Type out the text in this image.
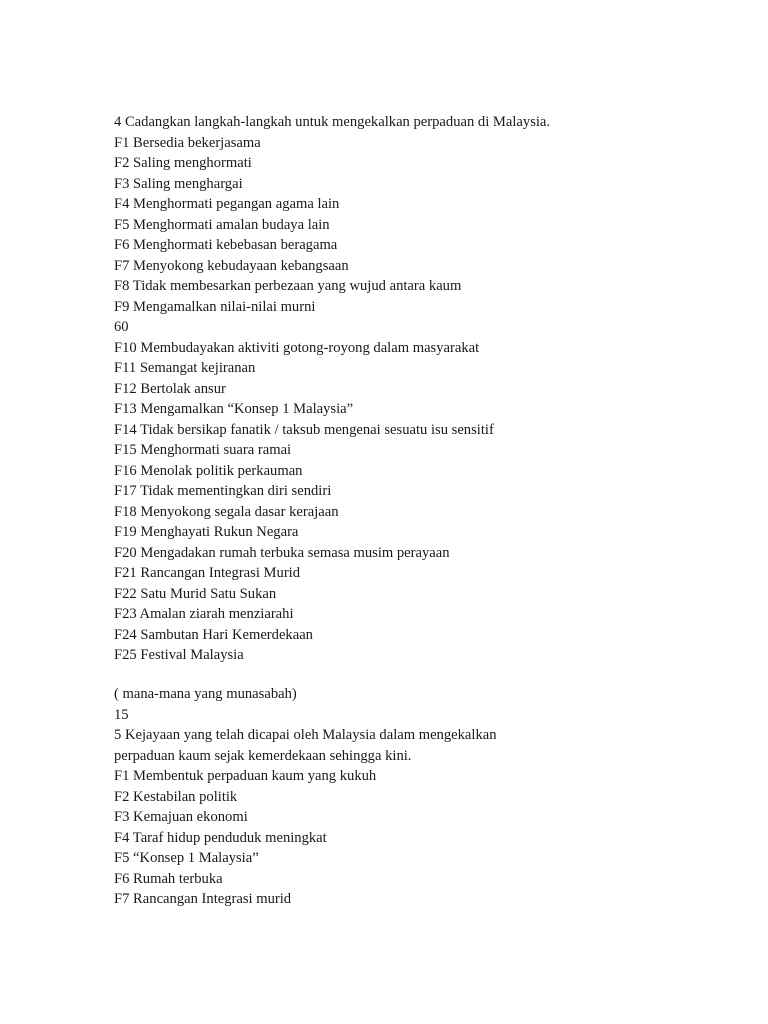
4 Cadangkan langkah-langkah untuk mengekalkan perpaduan di Malaysia.
F1 Bersedia bekerjasama
F2 Saling menghormati
F3 Saling menghargai
F4 Menghormati pegangan agama lain
F5 Menghormati amalan budaya lain
F6 Menghormati kebebasan beragama
F7 Menyokong kebudayaan kebangsaan
F8 Tidak membesarkan perbezaan yang wujud antara kaum
F9 Mengamalkan nilai-nilai murni
60
F10 Membudayakan aktiviti gotong-royong dalam masyarakat
F11 Semangat kejiranan
F12 Bertolak ansur
F13 Mengamalkan “Konsep 1 Malaysia”
F14 Tidak bersikap fanatik / taksub mengenai sesuatu isu sensitif
F15 Menghormati suara ramai
F16 Menolak politik perkauman
F17 Tidak mementingkan diri sendiri
F18 Menyokong segala dasar kerajaan
F19 Menghayati Rukun Negara
F20 Mengadakan rumah terbuka semasa musim perayaan
F21 Rancangan Integrasi Murid
F22 Satu Murid Satu Sukan
F23 Amalan ziarah menziarahi
F24 Sambutan Hari Kemerdekaan
F25 Festival Malaysia
( mana-mana yang munasabah)
15
5 Kejayaan yang telah dicapai oleh Malaysia dalam mengekalkan
perpaduan kaum sejak kemerdekaan sehingga kini.
F1 Membentuk perpaduan kaum yang kukuh
F2 Kestabilan politik
F3 Kemajuan ekonomi
F4 Taraf hidup penduduk meningkat
F5 “Konsep 1 Malaysia”
F6 Rumah terbuka
F7 Rancangan Integrasi murid
